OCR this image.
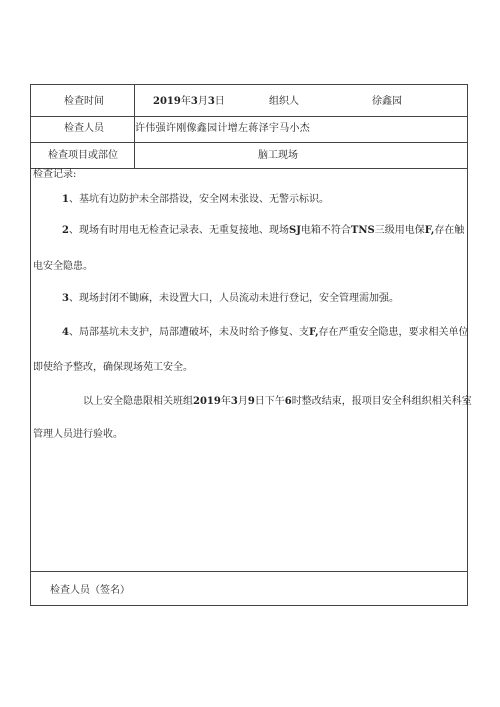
检查时间	2019年3月3日	组织人	徐鑫园
检查人员	许伟强许刚像鑫园计增左蒋泽宇马小杰
检查项目或部位	脑工现场
检查记录:
1、基坑有边防护未全部搭设，安全网未张设、无警示标识。
2、现场有时用电无检查记录表、无重复接地、现场SJ电箱不符合TNS三级用电保F,存在触
电安全隐患。
3、现场封闭不锄麻，未设置大口，人员流动未进行登记，安全管理需加强。
4、局部基坑未支护，局部遭破坏，未及时给予修复、支F,存在严重安全隐患，要求相关单位
即使给予整改，确保现场苑工安全。
以上安全隐患限相关班组2019年3月9日下午6时整改结束，报项目安全科组织相关科室
管理人员进行验收。
检查人员（签名）
